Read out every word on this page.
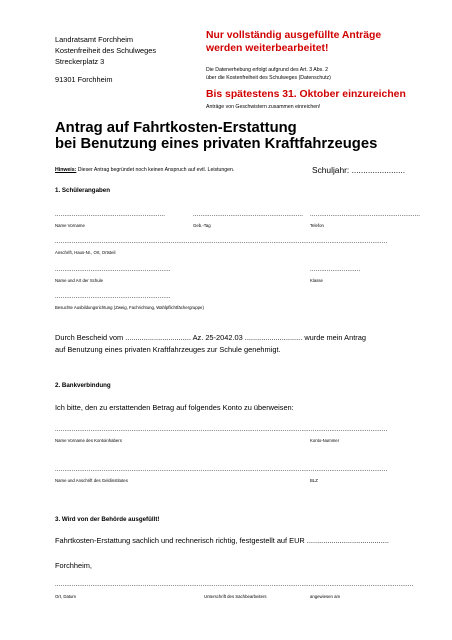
Landratsamt Forchheim
Kostenfreiheit des Schulweges
Streckerplatz 3
91301 Forchheim
Nur vollständig ausgefüllte Anträge
werden weiterbearbeitet!
Die Datenerhebung erfolgt aufgrund des Art. 3 Abs. 2
über die Kostenfreiheit des Schulweges (Datenschutz)
Bis spätestens 31. Oktober einzureichen
Anträge von Geschwistern zusammen einreichen!
Antrag auf Fahrtkosten-Erstattung
bei Benutzung eines privaten Kraftfahrzeuges
Hinweis: Dieser Antrag begründet noch keinen Anspruch auf evtl. Leistungen.	Schuljahr: .......................
1. Schülerangaben
...........................................................	........................................................... ...........................................................
Name Vorname	Geb.-Tag	Telefon
..................................................................................................................................................................................
Anschrift, Haus-Nr., Ort, Ortsteil
..............................................................	...........................
Name und Art der Schule	Klasse
..............................................................
Besuchte Ausbildungsrichtung (Zweig, Fachrichtung, Wahlpflichtfächergruppe)
Durch Bescheid vom ................................ Az. 25-2042.03 ............................ wurde mein Antrag
auf Benutzung eines privaten Kraftfahrzeuges zur Schule genehmigt.
2. Bankverbindung
Ich bitte, den zu erstattenden Betrag auf folgendes Konto zu überweisen:
..................................................................................................................................................................................
Name Vorname des Kontoinhabers	Konto-Nummer
..................................................................................................................................................................................
Name und Anschrift des Geldinstitutes	BLZ
3. Wird von der Behörde ausgefüllt!
Fahrtkosten-Erstattung sachlich und rechnerisch richtig, festgestellt auf EUR ........................................
Forchheim,
................................................................................................................................................................................................
Ort, Datum	Unterschrift des Sachbearbeiters	angewiesen am
